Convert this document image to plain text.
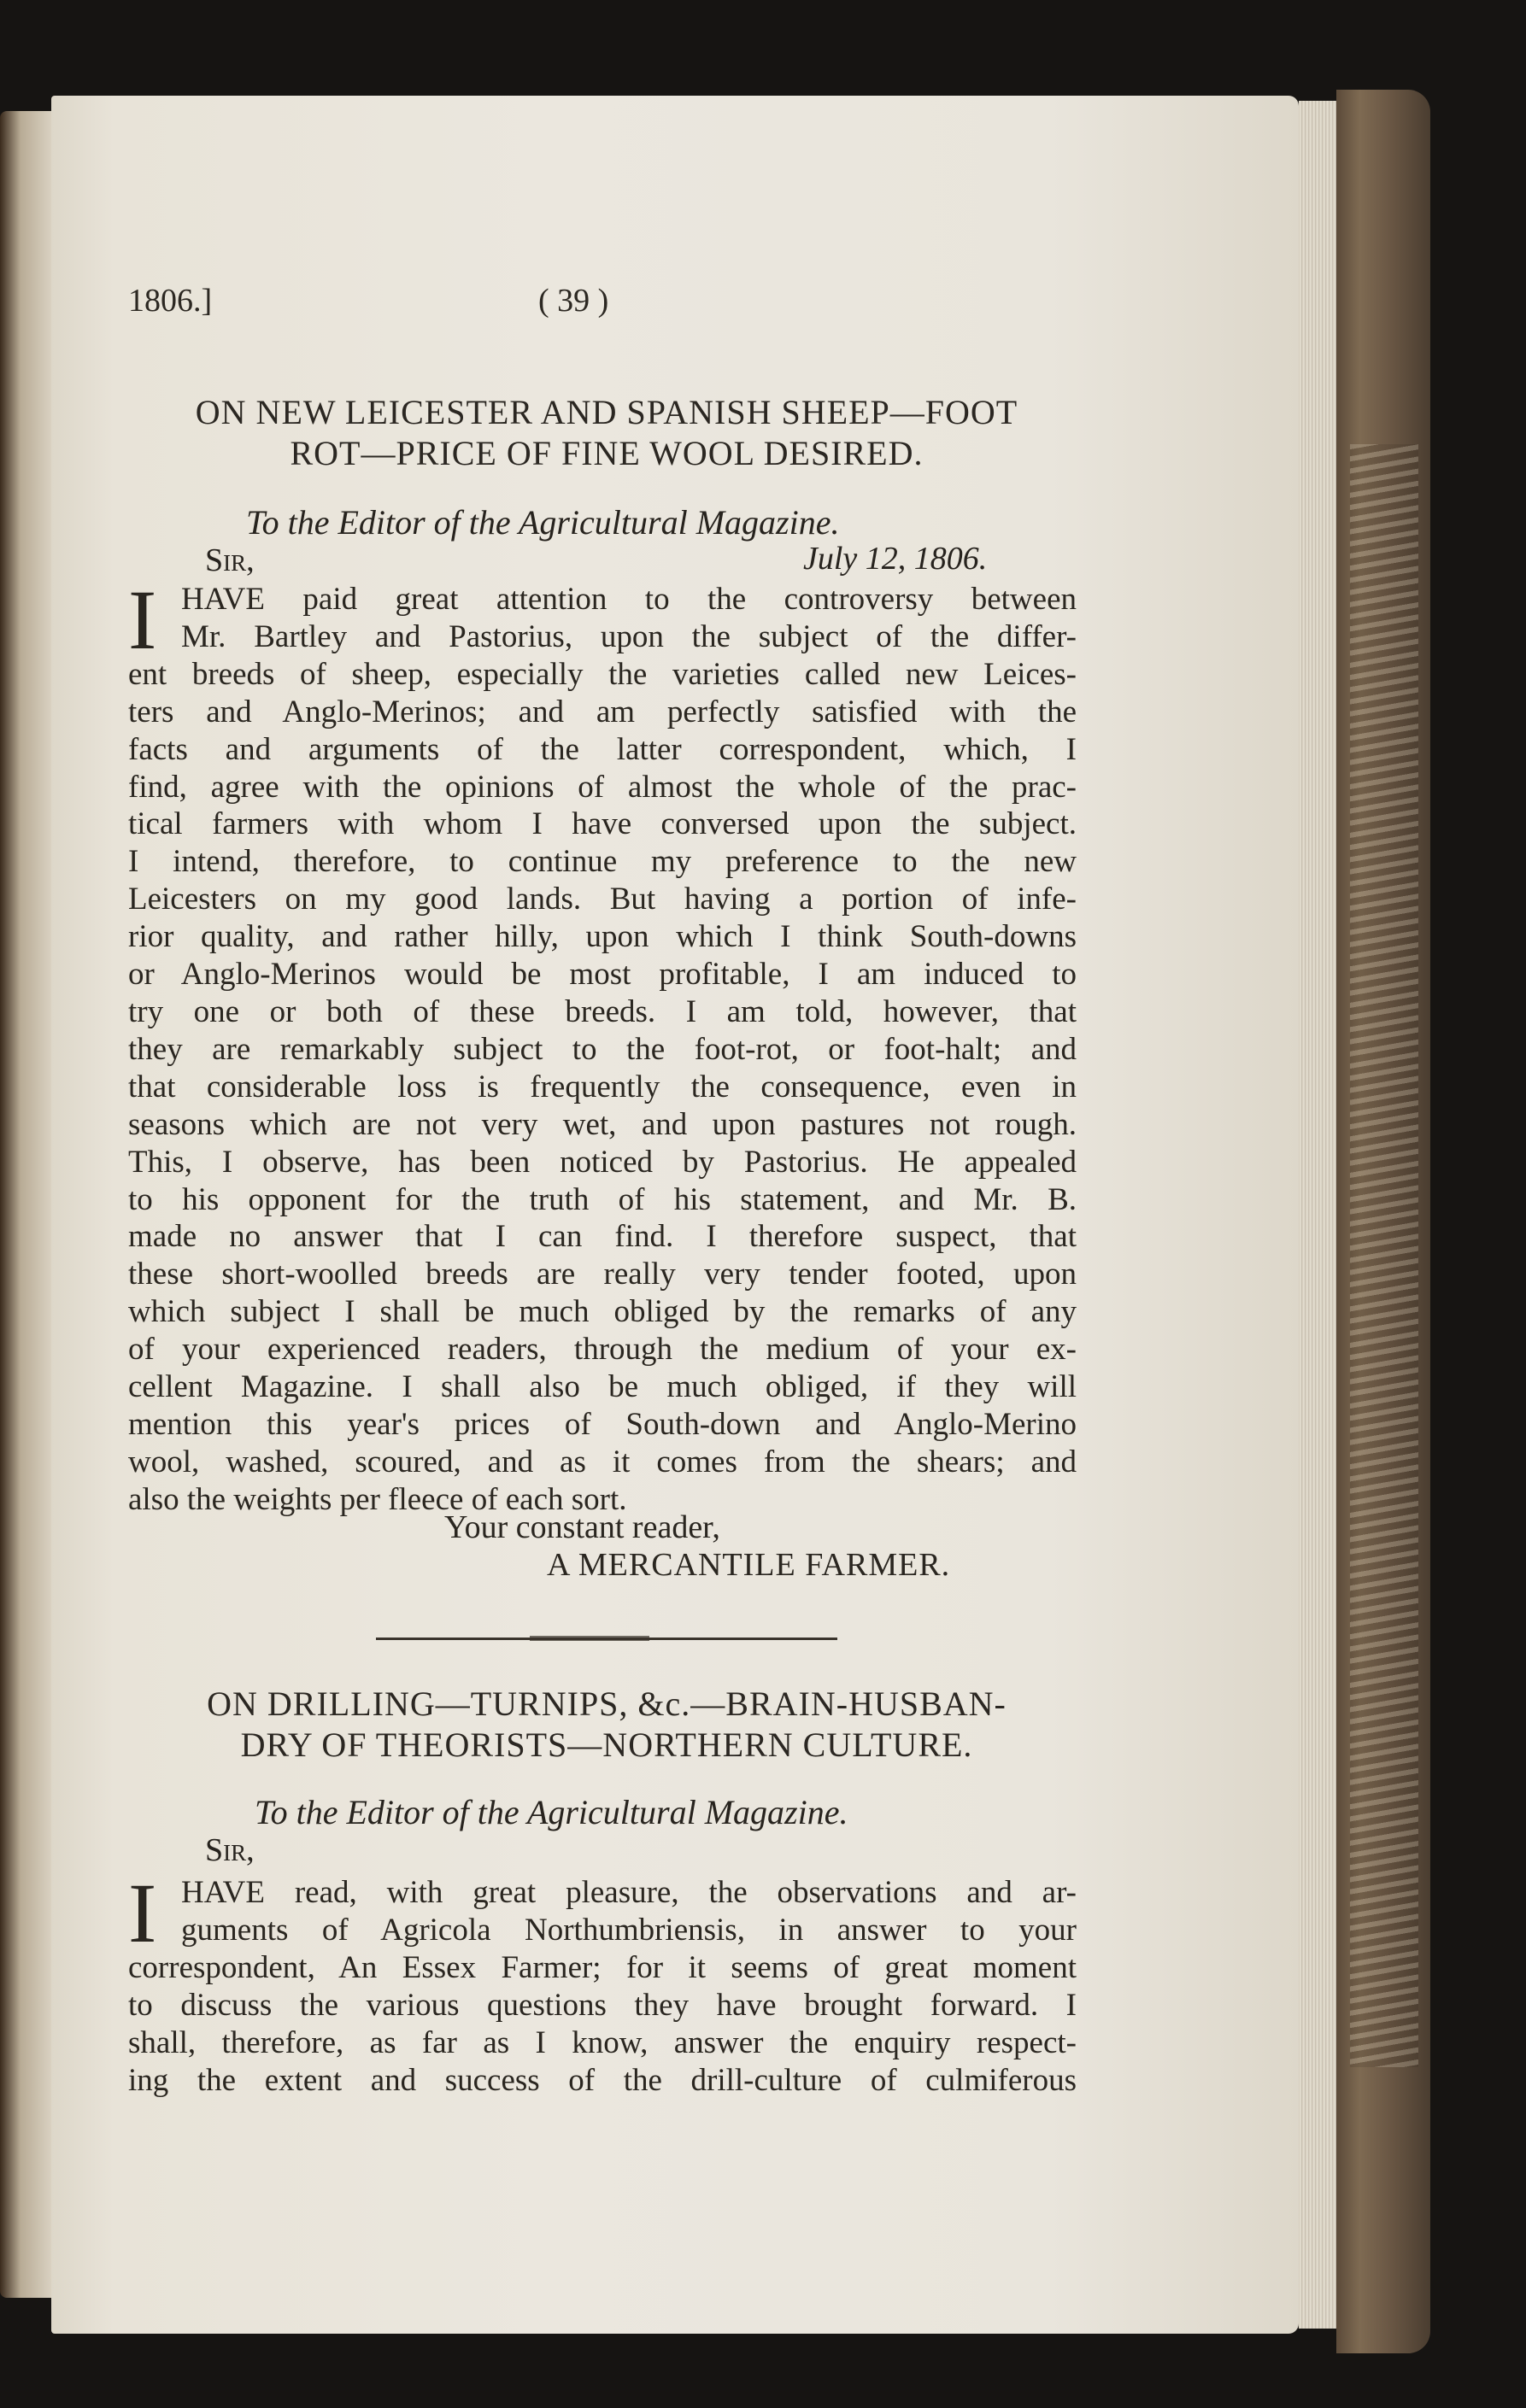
1806.]	( 39 )
ON NEW LEICESTER AND SPANISH SHEEP—FOOT
ROT—PRICE OF FINE WOOL DESIRED.
To the Editor of the Agricultural Magazine.
Sir,	July 12, 1806.
I HAVE paid great attention to the controversy between
Mr. Bartley and Pastorius, upon the subject of the differ-
ent breeds of sheep, especially the varieties called new Leices-
ters and Anglo-Merinos; and am perfectly satisfied with the
facts and arguments of the latter correspondent, which, I
find, agree with the opinions of almost the whole of the prac-
tical farmers with whom I have conversed upon the subject.
I intend, therefore, to continue my preference to the new
Leicesters on my good lands. But having a portion of infe-
rior quality, and rather hilly, upon which I think South-downs
or Anglo-Merinos would be most profitable, I am induced to
try one or both of these breeds. I am told, however, that
they are remarkably subject to the foot-rot, or foot-halt; and
that considerable loss is frequently the consequence, even in
seasons which are not very wet, and upon pastures not rough.
This, I observe, has been noticed by Pastorius. He appealed
to his opponent for the truth of his statement, and Mr. B.
made no answer that I can find. I therefore suspect, that
these short-woolled breeds are really very tender footed, upon
which subject I shall be much obliged by the remarks of any
of your experienced readers, through the medium of your ex-
cellent Magazine. I shall also be much obliged, if they will
mention this year's prices of South-down and Anglo-Merino
wool, washed, scoured, and as it comes from the shears; and
also the weights per fleece of each sort.
Your constant reader,
A MERCANTILE FARMER.
ON DRILLING—TURNIPS, &c.—BRAIN-HUSBAN-
DRY OF THEORISTS—NORTHERN CULTURE.
To the Editor of the Agricultural Magazine.
Sir,
I HAVE read, with great pleasure, the observations and ar-
guments of Agricola Northumbriensis, in answer to your
correspondent, An Essex Farmer; for it seems of great moment
to discuss the various questions they have brought forward. I
shall, therefore, as far as I know, answer the enquiry respect-
ing the extent and success of the drill-culture of culmiferous
